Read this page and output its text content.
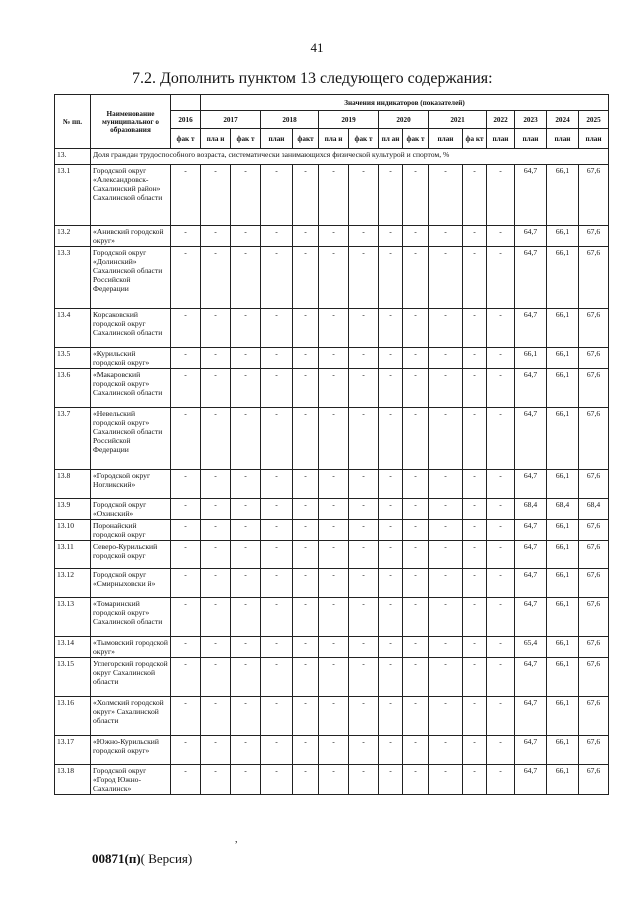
41
7.2. Дополнить пунктом 13 следующего содержания:
№ пп.	Наименование муниципальног о образования		Значения индикаторов (показателей)													
		2016	2017		2018		2019		2020		2021		2022	2023	2024	2025
		фак т	пла н	фак т	план	факт	пла н	фак т	пл ан	фак т	план	фа кт	план	план	план	план
13.	Доля граждан трудоспособного возраста, систематически занимающихся физической культурой и спортом, %															
13.1	Городской округ «Александровск-Сахалинский район» Сахалинской области	-	-	-	-	-	-	-	-	-	-	-	-	64,7	66,1	67,6
13.2	«Анивский городской округ»	-	-	-	-	-	-	-	-	-	-	-	-	64,7	66,1	67,6
13.3	Городской округ «Долинский» Сахалинской области Российской Федерации	-	-	-	-	-	-	-	-	-	-	-	-	64,7	66,1	67,6
13.4	Корсаковский городской округ Сахалинской области	-	-	-	-	-	-	-	-	-	-	-	-	64,7	66,1	67,6
13.5	«Курильский городской округ»	-	-	-	-	-	-	-	-	-	-	-	-	66,1	66,1	67,6
13.6	«Макаровский городской округ» Сахалинской области	-	-	-	-	-	-	-	-	-	-	-	-	64,7	66,1	67,6
13.7	«Невельский городской округ» Сахалинской области Российской Федерации	-	-	-	-	-	-	-	-	-	-	-	-	64,7	66,1	67,6
13.8	«Городской округ Ногликский»	-	-	-	-	-	-	-	-	-	-	-	-	64,7	66,1	67,6
13.9	Городской округ «Охинский»	-	-	-	-	-	-	-	-	-	-	-	-	68,4	68,4	68,4
13.10	Поронайский городской округ	-	-	-	-	-	-	-	-	-	-	-	-	64,7	66,1	67,6
13.11	Северо-Курильский городской округ	-	-	-	-	-	-	-	-	-	-	-	-	64,7	66,1	67,6
13.12	Городской округ «Смирныховски й»	-	-	-	-	-	-	-	-	-	-	-	-	64,7	66,1	67,6
13.13	«Томаринский городской округ» Сахалинской области	-	-	-	-	-	-	-	-	-	-	-	-	64,7	66,1	67,6
13.14	«Тымовский городской округ»	-	-	-	-	-	-	-	-	-	-	-	-	65,4	66,1	67,6
13.15	Углегорский городской округ Сахалинской области	-	-	-	-	-	-	-	-	-	-	-	-	64,7	66,1	67,6
13.16	«Холмский городской округ» Сахалинской области	-	-	-	-	-	-	-	-	-	-	-	-	64,7	66,1	67,6
13.17	«Южно-Курильский городской округ»	-	-	-	-	-	-	-	-	-	-	-	-	64,7	66,1	67,6
13.18	Городской округ «Город Южно-Сахалинск»	-	-	-	-	-	-	-	-	-	-	-	-	64,7	66,1	67,6
,
00871(п)( Версия)
